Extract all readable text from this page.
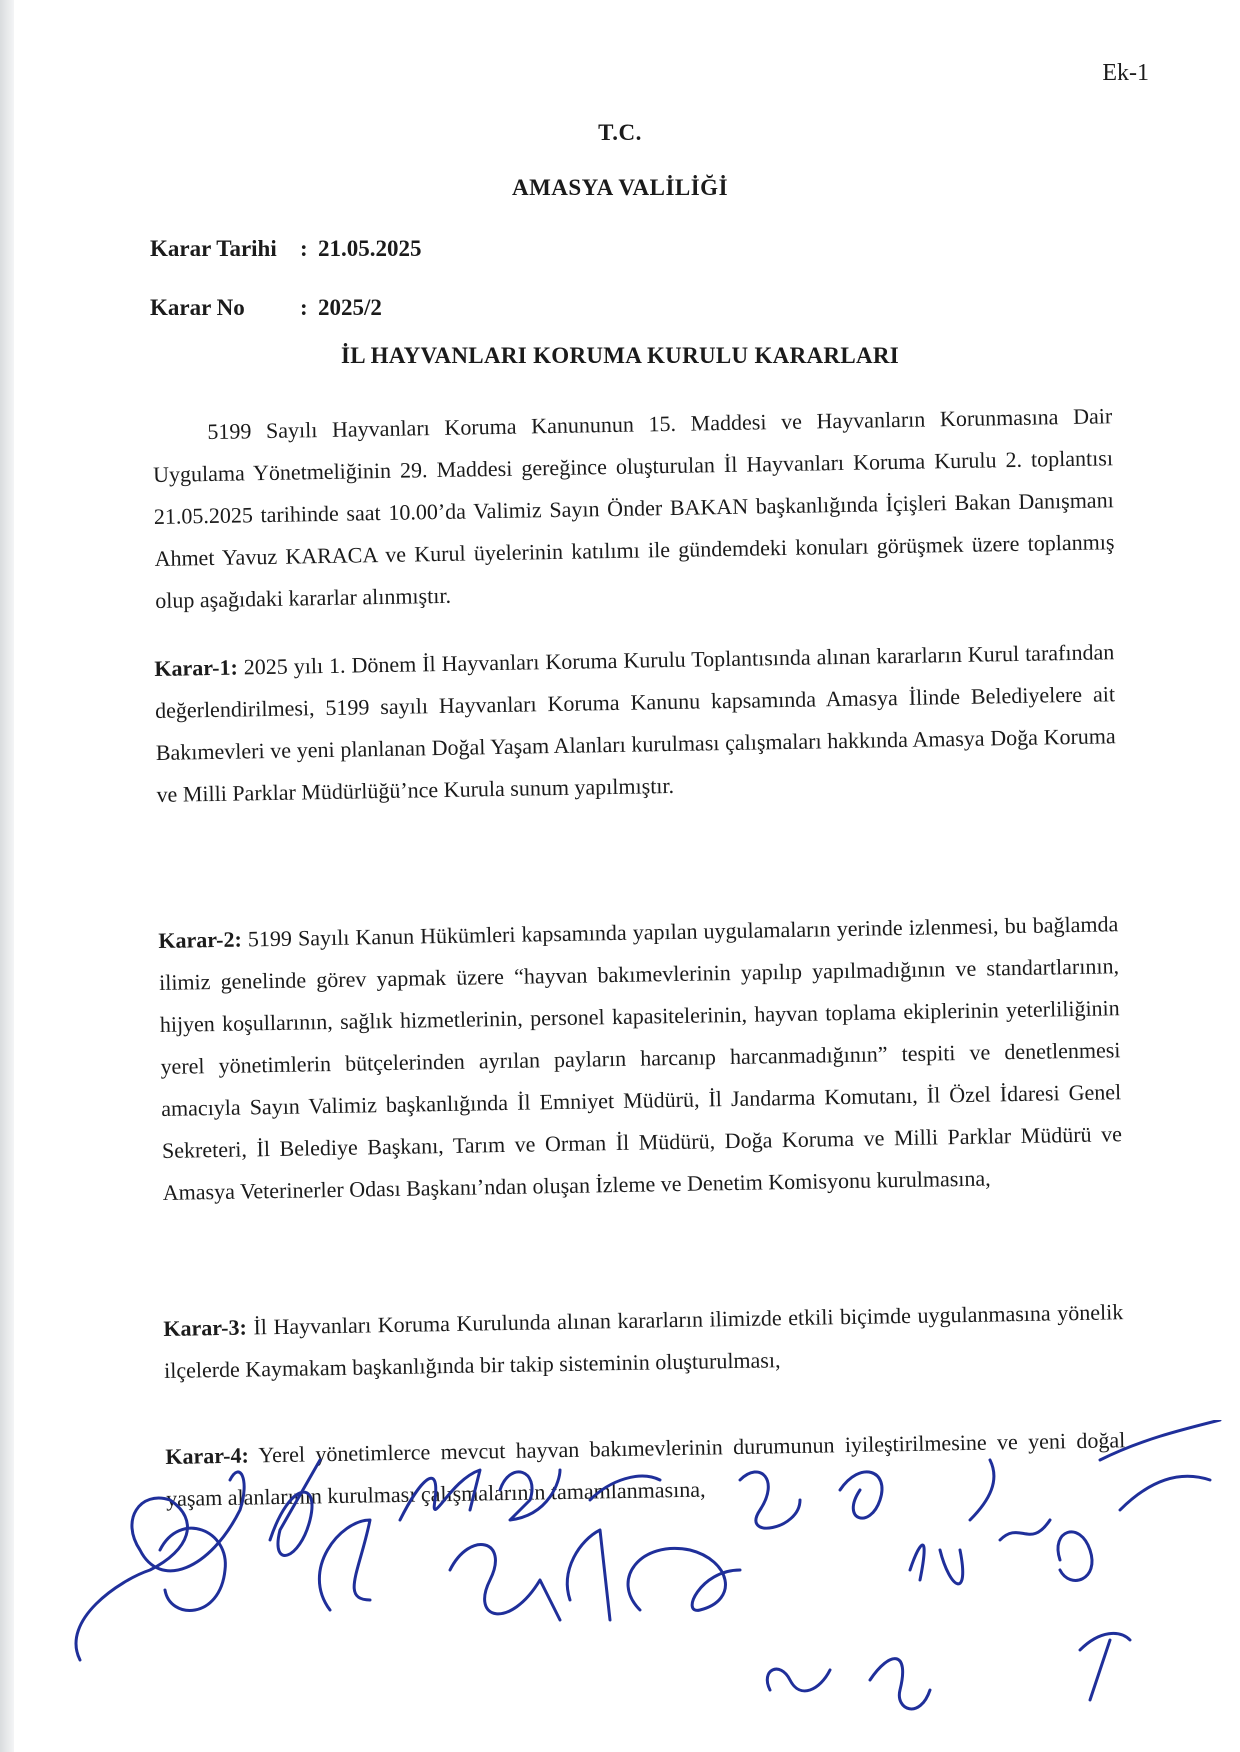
Ek-1
T.C.
AMASYA VALİLİĞİ
Karar Tarihi : 21.05.2025
Karar No : 2025/2
İL HAYVANLARI KORUMA KURULU KARARLARI
5199 Sayılı Hayvanları Koruma Kanununun 15. Maddesi ve Hayvanların Korunmasına Dair Uygulama Yönetmeliğinin 29. Maddesi gereğince oluşturulan İl Hayvanları Koruma Kurulu 2. toplantısı 21.05.2025 tarihinde saat 10.00’da Valimiz Sayın Önder BAKAN başkanlığında İçişleri Bakan Danışmanı Ahmet Yavuz KARACA ve Kurul üyelerinin katılımı ile gündemdeki konuları görüşmek üzere toplanmış olup aşağıdaki kararlar alınmıştır.
Karar-1: 2025 yılı 1. Dönem İl Hayvanları Koruma Kurulu Toplantısında alınan kararların Kurul tarafından değerlendirilmesi, 5199 sayılı Hayvanları Koruma Kanunu kapsamında Amasya İlinde Belediyelere ait Bakımevleri ve yeni planlanan Doğal Yaşam Alanları kurulması çalışmaları hakkında Amasya Doğa Koruma ve Milli Parklar Müdürlüğü’nce Kurula sunum yapılmıştır.
Karar-2: 5199 Sayılı Kanun Hükümleri kapsamında yapılan uygulamaların yerinde izlenmesi, bu bağlamda ilimiz genelinde görev yapmak üzere “hayvan bakımevlerinin yapılıp yapılmadığının ve standartlarının, hijyen koşullarının, sağlık hizmetlerinin, personel kapasitelerinin, hayvan toplama ekiplerinin yeterliliğinin yerel yönetimlerin bütçelerinden ayrılan payların harcanıp harcanmadığının” tespiti ve denetlenmesi amacıyla Sayın Valimiz başkanlığında İl Emniyet Müdürü, İl Jandarma Komutanı, İl Özel İdaresi Genel Sekreteri, İl Belediye Başkanı, Tarım ve Orman İl Müdürü, Doğa Koruma ve Milli Parklar Müdürü ve Amasya Veterinerler Odası Başkanı’ndan oluşan İzleme ve Denetim Komisyonu kurulmasına,
Karar-3: İl Hayvanları Koruma Kurulunda alınan kararların ilimizde etkili biçimde uygulanmasına yönelik ilçelerde Kaymakam başkanlığında bir takip sisteminin oluşturulması,
Karar-4: Yerel yönetimlerce mevcut hayvan bakımevlerinin durumunun iyileştirilmesine ve yeni doğal yaşam alanlarının kurulması çalışmalarının tamamlanmasına,
